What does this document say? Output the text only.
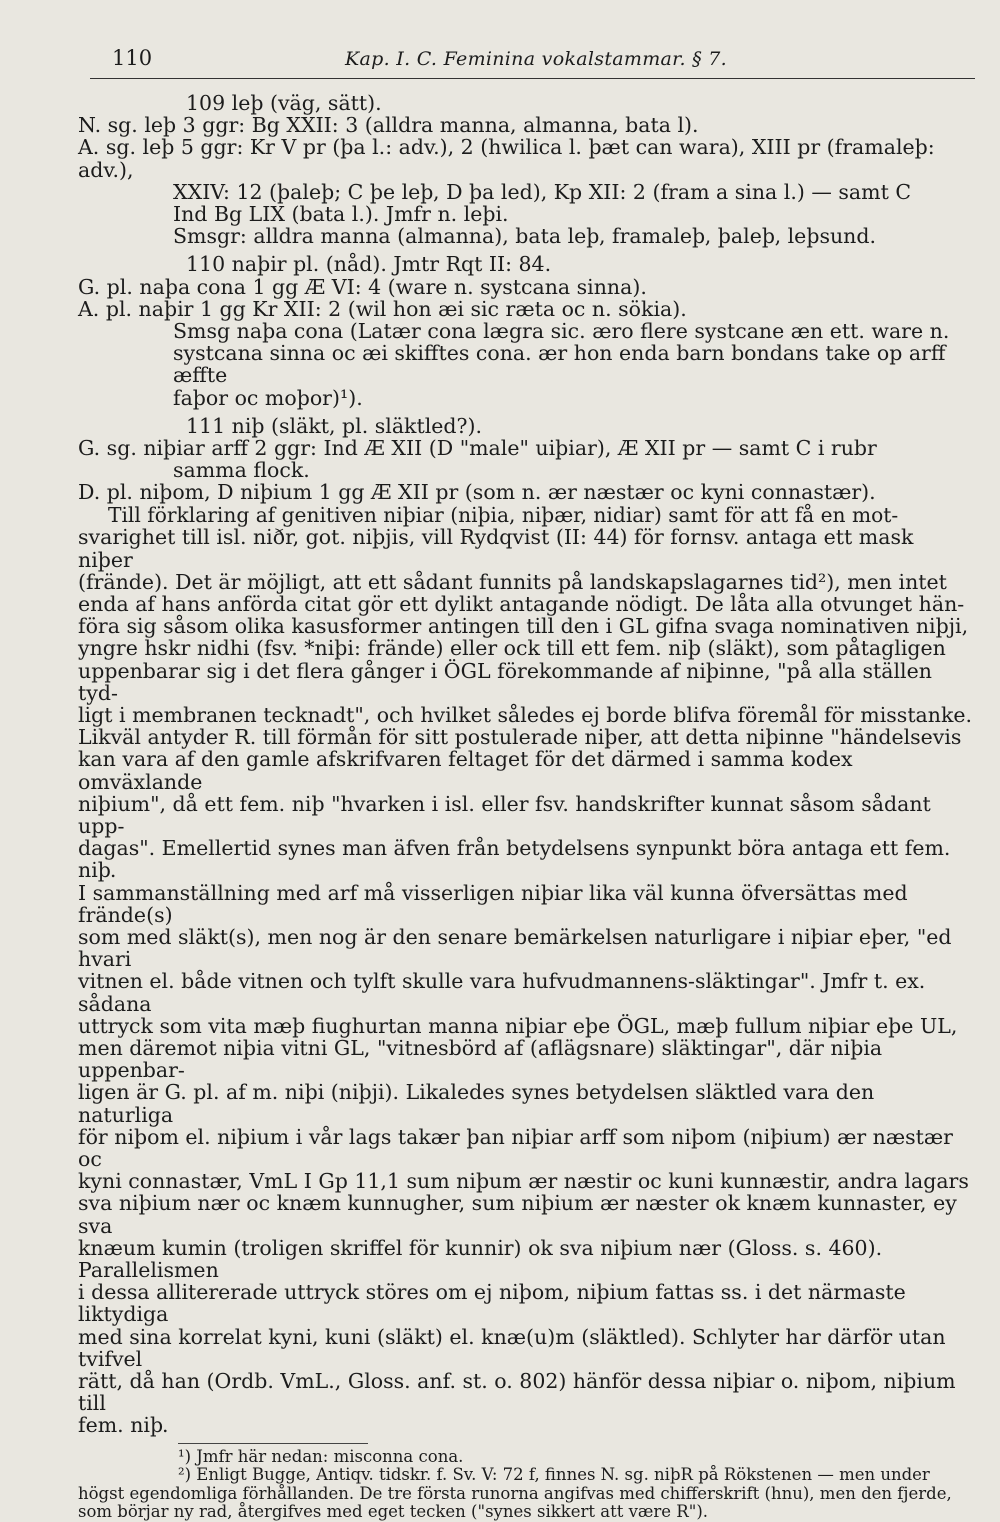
110	Kap. I. C. Feminina vokalstammar. § 7.

109 leþ (väg, sätt).

N. sg. leþ 3 ggr: Bg XXII: 3 (alldra manna, almanna, bata l).

A. sg. leþ 5 ggr: Kr V pr (þa l.: adv.), 2 (hwilica l. þæt can wara), XIII pr (framaleþ: adv.),

XXIV: 12 (þaleþ; C þe leþ, D þa led), Kp XII: 2 (fram a sina l.) — samt C

Ind Bg LIX (bata l.). Jmfr n. leþi.

Smsgr: alldra manna (almanna), bata leþ, framaleþ, þaleþ, leþsund.

110 naþir pl. (nåd). Jmtr Rqt II: 84.

G. pl. naþa cona 1 gg Æ VI: 4 (ware n. systcana sinna).

A. pl. naþir 1 gg Kr XII: 2 (wil hon æi sic ræta oc n. sökia).

Smsg naþa cona (Latær cona lægra sic. æro flere systcane æn ett. ware n.

systcana sinna oc æi skifftes cona. ær hon enda barn bondans take op arff æffte

faþor oc moþor)¹).

111 niþ (släkt, pl. släktled?).

G. sg. niþiar arff 2 ggr: Ind Æ XII (D "male" uiþiar), Æ XII pr — samt C i rubr

samma flock.

D. pl. niþom, D niþium 1 gg Æ XII pr (som n. ær næstær oc kyni connastær).

Till förklaring af genitiven niþiar (niþia, niþær, nidiar) samt för att få en mot-

svarighet till isl. niðr, got. niþjis, vill Rydqvist (II: 44) för fornsv. antaga ett mask niþer

(frände). Det är möjligt, att ett sådant funnits på landskapslagarnes tid²), men intet

enda af hans anförda citat gör ett dylikt antagande nödigt. De låta alla otvunget hän-

föra sig såsom olika kasusformer antingen till den i GL gifna svaga nominativen niþji,

yngre hskr nidhi (fsv. *niþi: frände) eller ock till ett fem. niþ (släkt), som påtagligen

uppenbarar sig i det flera gånger i ÖGL förekommande af niþinne, "på alla ställen tyd-

ligt i membranen tecknadt", och hvilket således ej borde blifva föremål för misstanke.

Likväl antyder R. till förmån för sitt postulerade niþer, att detta niþinne "händelsevis

kan vara af den gamle afskrifvaren feltaget för det därmed i samma kodex omväxlande

niþium", då ett fem. niþ "hvarken i isl. eller fsv. handskrifter kunnat såsom sådant upp-

dagas". Emellertid synes man äfven från betydelsens synpunkt böra antaga ett fem. niþ.

I sammanställning med arf må visserligen niþiar lika väl kunna öfversättas med frände(s)

som med släkt(s), men nog är den senare bemärkelsen naturligare i niþiar eþer, "ed hvari

vitnen el. både vitnen och tylft skulle vara hufvudmannens-släktingar". Jmfr t. ex. sådana

uttryck som vita mæþ fiughurtan manna niþiar eþe ÖGL, mæþ fullum niþiar eþe UL,

men däremot niþia vitni GL, "vitnesbörd af (aflägsnare) släktingar", där niþia uppenbar-

ligen är G. pl. af m. niþi (niþji). Likaledes synes betydelsen släktled vara den naturliga

för niþom el. niþium i vår lags takær þan niþiar arff som niþom (niþium) ær næstær oc

kyni connastær, VmL I Gp 11,1 sum niþum ær næstir oc kuni kunnæstir, andra lagars

sva niþium nær oc knæm kunnugher, sum niþium ær næster ok knæm kunnaster, ey sva

knæum kumin (troligen skriffel för kunnir) ok sva niþium nær (Gloss. s. 460). Parallelismen

i dessa allitererade uttryck störes om ej niþom, niþium fattas ss. i det närmaste liktydiga

med sina korrelat kyni, kuni (släkt) el. knæ(u)m (släktled). Schlyter har därför utan tvifvel

rätt, då han (Ordb. VmL., Gloss. anf. st. o. 802) hänför dessa niþiar o. niþom, niþium till

fem. niþ.

¹) Jmfr här nedan: misconna cona.

²) Enligt Bugge, Antiqv. tidskr. f. Sv. V: 72 f, finnes N. sg. niþR på Rökstenen — men under

högst egendomliga förhållanden. De tre första runorna angifvas med chifferskrift (hnu), men den fjerde,

som börjar ny rad, återgifves med eget tecken ("synes sikkert att være R").
